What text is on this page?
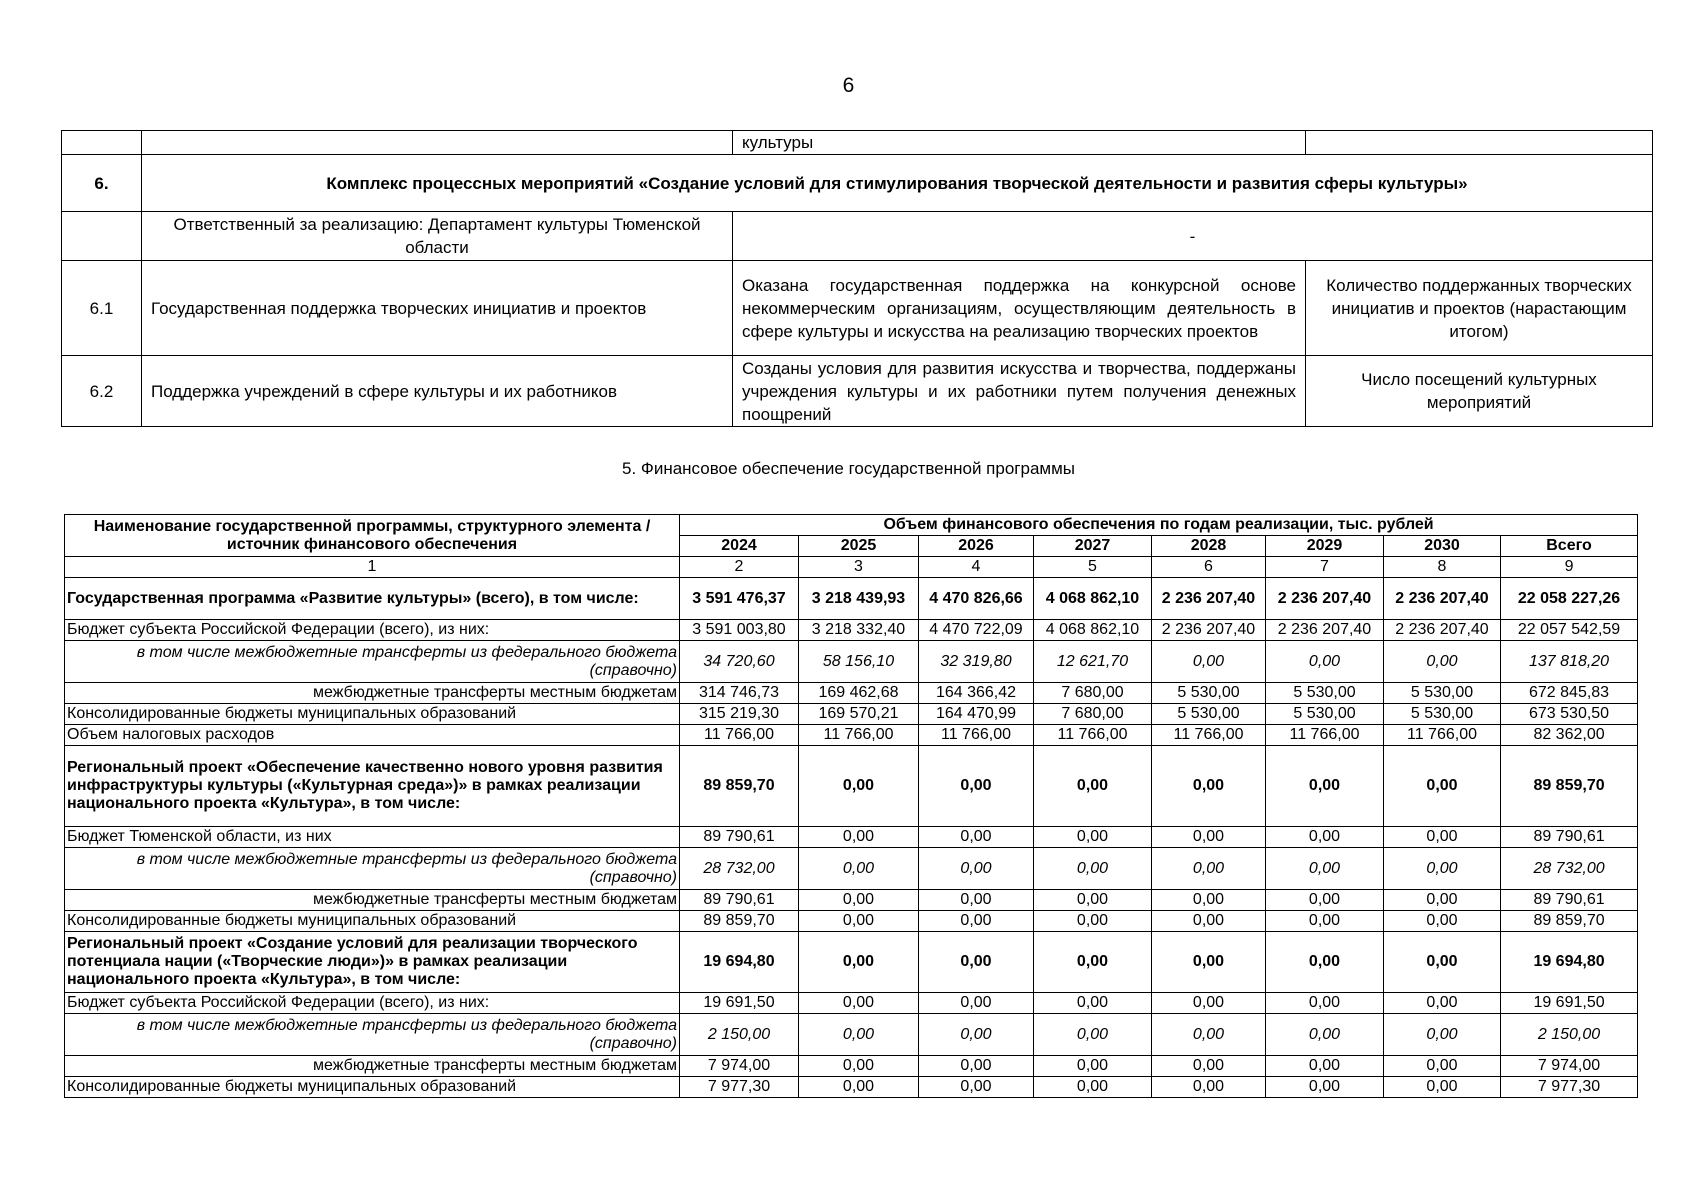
6
		культуры	
6.	Комплекс процессных мероприятий «Создание условий для стимулирования творческой деятельности и развития сферы культуры»		
	Ответственный за реализацию: Департамент культуры Тюменской области	-	
6.1	Государственная поддержка творческих инициатив и проектов	Оказана государственная поддержка на конкурсной основе некоммерческим организациям, осуществляющим деятельность в сфере культуры и искусства на реализацию творческих проектов	Количество поддержанных творческих инициатив и проектов (нарастающим итогом)
6.2	Поддержка учреждений в сфере культуры и их работников	Созданы условия для развития искусства и творчества, поддержаны учреждения культуры и их работники путем получения денежных поощрений	Число посещений культурных мероприятий
5. Финансовое обеспечение государственной программы
Наименование государственной программы, структурного элемента / источник финансового обеспечения	Объем финансового обеспечения по годам реализации, тыс. рублей							
	2024	2025	2026	2027	2028	2029	2030	Всего
1	2	3	4	5	6	7	8	9
Государственная программа «Развитие культуры» (всего), в том числе:	3 591 476,37	3 218 439,93	4 470 826,66	4 068 862,10	2 236 207,40	2 236 207,40	2 236 207,40	22 058 227,26
Бюджет субъекта Российской Федерации (всего), из них:	3 591 003,80	3 218 332,40	4 470 722,09	4 068 862,10	2 236 207,40	2 236 207,40	2 236 207,40	22 057 542,59
в том числе межбюджетные трансферты из федерального бюджета (справочно)	34 720,60	58 156,10	32 319,80	12 621,70	0,00	0,00	0,00	137 818,20
межбюджетные трансферты местным бюджетам	314 746,73	169 462,68	164 366,42	7 680,00	5 530,00	5 530,00	5 530,00	672 845,83
Консолидированные бюджеты муниципальных образований	315 219,30	169 570,21	164 470,99	7 680,00	5 530,00	5 530,00	5 530,00	673 530,50
Объем налоговых расходов	11 766,00	11 766,00	11 766,00	11 766,00	11 766,00	11 766,00	11 766,00	82 362,00
Региональный проект «Обеспечение качественно нового уровня развития инфраструктуры культуры («Культурная среда»)» в рамках реализации национального проекта «Культура», в том числе:	89 859,70	0,00	0,00	0,00	0,00	0,00	0,00	89 859,70
Бюджет Тюменской области, из них	89 790,61	0,00	0,00	0,00	0,00	0,00	0,00	89 790,61
в том числе межбюджетные трансферты из федерального бюджета (справочно)	28 732,00	0,00	0,00	0,00	0,00	0,00	0,00	28 732,00
межбюджетные трансферты местным бюджетам	89 790,61	0,00	0,00	0,00	0,00	0,00	0,00	89 790,61
Консолидированные бюджеты муниципальных образований	89 859,70	0,00	0,00	0,00	0,00	0,00	0,00	89 859,70
Региональный проект «Создание условий для реализации творческого потенциала нации («Творческие люди»)» в рамках реализации национального проекта «Культура», в том числе:	19 694,80	0,00	0,00	0,00	0,00	0,00	0,00	19 694,80
Бюджет субъекта Российской Федерации (всего), из них:	19 691,50	0,00	0,00	0,00	0,00	0,00	0,00	19 691,50
в том числе межбюджетные трансферты из федерального бюджета (справочно)	2 150,00	0,00	0,00	0,00	0,00	0,00	0,00	2 150,00
межбюджетные трансферты местным бюджетам	7 974,00	0,00	0,00	0,00	0,00	0,00	0,00	7 974,00
Консолидированные бюджеты муниципальных образований	7 977,30	0,00	0,00	0,00	0,00	0,00	0,00	7 977,30
